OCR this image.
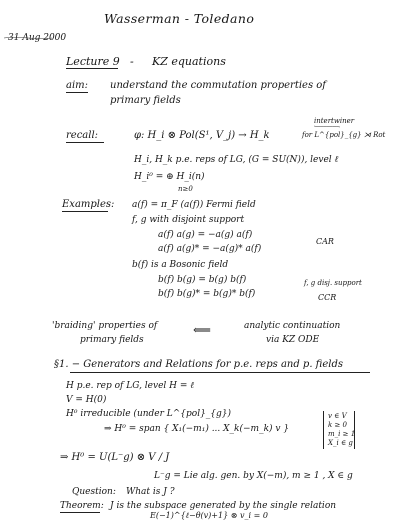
31 Aug 2000
Wasserman - Toledano
Lecture 9 - KZ equations
aim: understand the commutation properties of
primary fields
recall:	φ: H_i ⊗ Pol(S¹, V_j) → H_k
intertwiner
for L^{pol}_{g} ⋊ Rot
H_i, H_k p.e. reps of LG, (G = SU(N)), level ℓ
H_i⁰ = ⊕ H_i(n)
n≥0
Examples: a(f) = π_F (a(f)) Fermi field
f, g with disjoint support
a(f) a(g) = −a(g) a(f)
a(f) a(g)* = −a(g)* a(f)
CAR
b(f) is a Bosonic field
b(f) b(g) = b(g) b(f)
b(f) b(g)* = b(g)* b(f)
f, g disj. support
CCR
'braiding' properties of
primary fields
⟸	analytic continuation
via KZ ODE
§1. − Generators and Relations for p.e. reps and p. fields
H p.e. rep of LG, level H = ℓ
V = H(0)
H⁰ irreducible (under L^{pol}_{g})
⇒ H⁰ = span { X₁(−m₁) ... X_k(−m_k) v }
v ∈ V
k ≥ 0
m_i ≥ 1
X_i ∈ g
⇒ H⁰ = U(L⁻g) ⊗ V / J
L⁻g = Lie alg. gen. by X(−m), m ≥ 1 , X ∈ g
Question: What is J ?
Theorem: J is the subspace generated by the single relation
E(−1)^{ℓ−θ(v)+1} ⊗ v_i = 0
